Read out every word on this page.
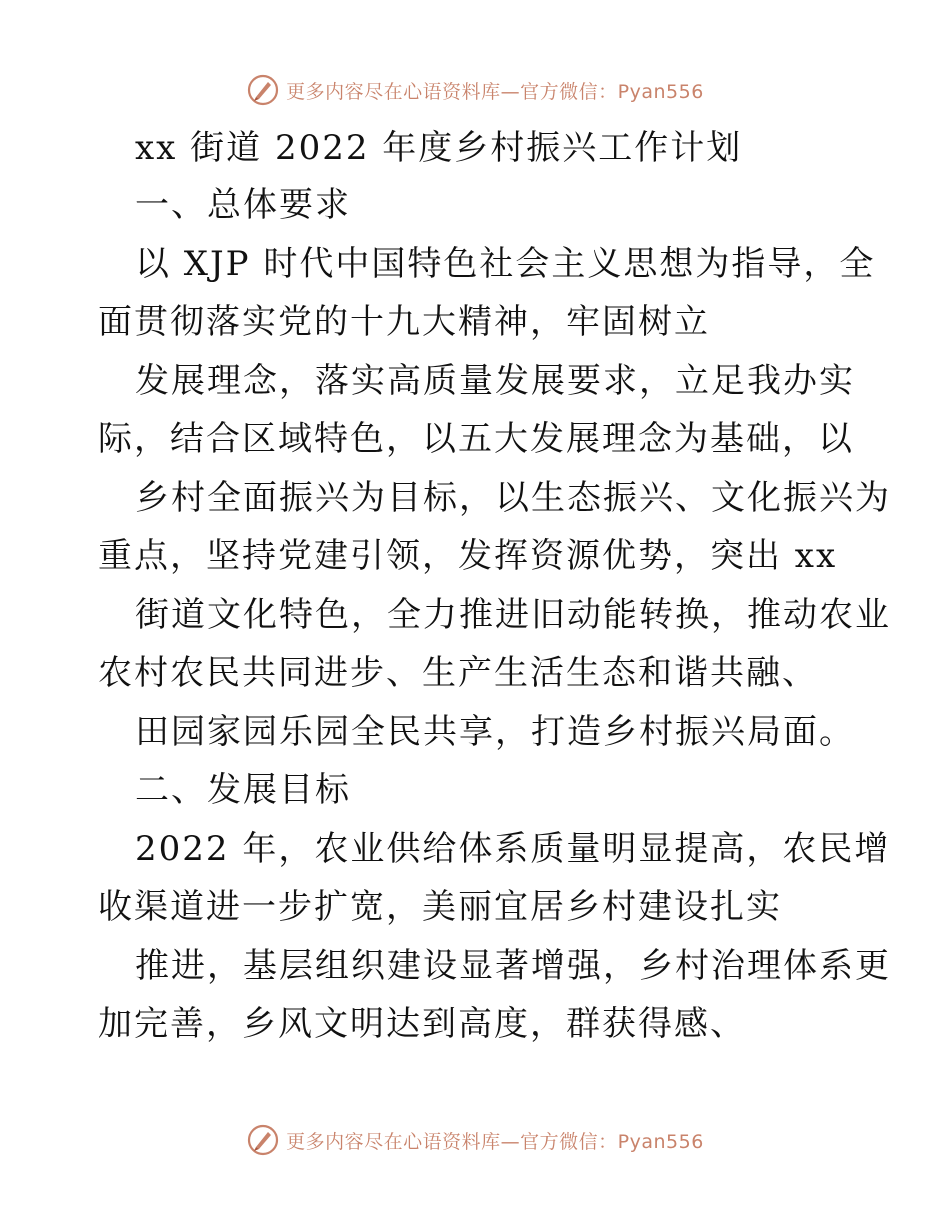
更多内容尽在心语资料库—官方微信：Pyan556
xx 街道 2022 年度乡村振兴工作计划
一、总体要求
以 XJP 时代中国特色社会主义思想为指导，全
面贯彻落实党的十九大精神，牢固树立
发展理念，落实高质量发展要求，立足我办实
际，结合区域特色，以五大发展理念为基础，以
乡村全面振兴为目标，以生态振兴、文化振兴为
重点，坚持党建引领，发挥资源优势，突出 xx
街道文化特色，全力推进旧动能转换，推动农业
农村农民共同进步、生产生活生态和谐共融、
田园家园乐园全民共享，打造乡村振兴局面。
二、发展目标
2022 年，农业供给体系质量明显提高，农民增
收渠道进一步扩宽，美丽宜居乡村建设扎实
推进，基层组织建设显著增强，乡村治理体系更
加完善，乡风文明达到高度，群获得感、
更多内容尽在心语资料库—官方微信：Pyan556
